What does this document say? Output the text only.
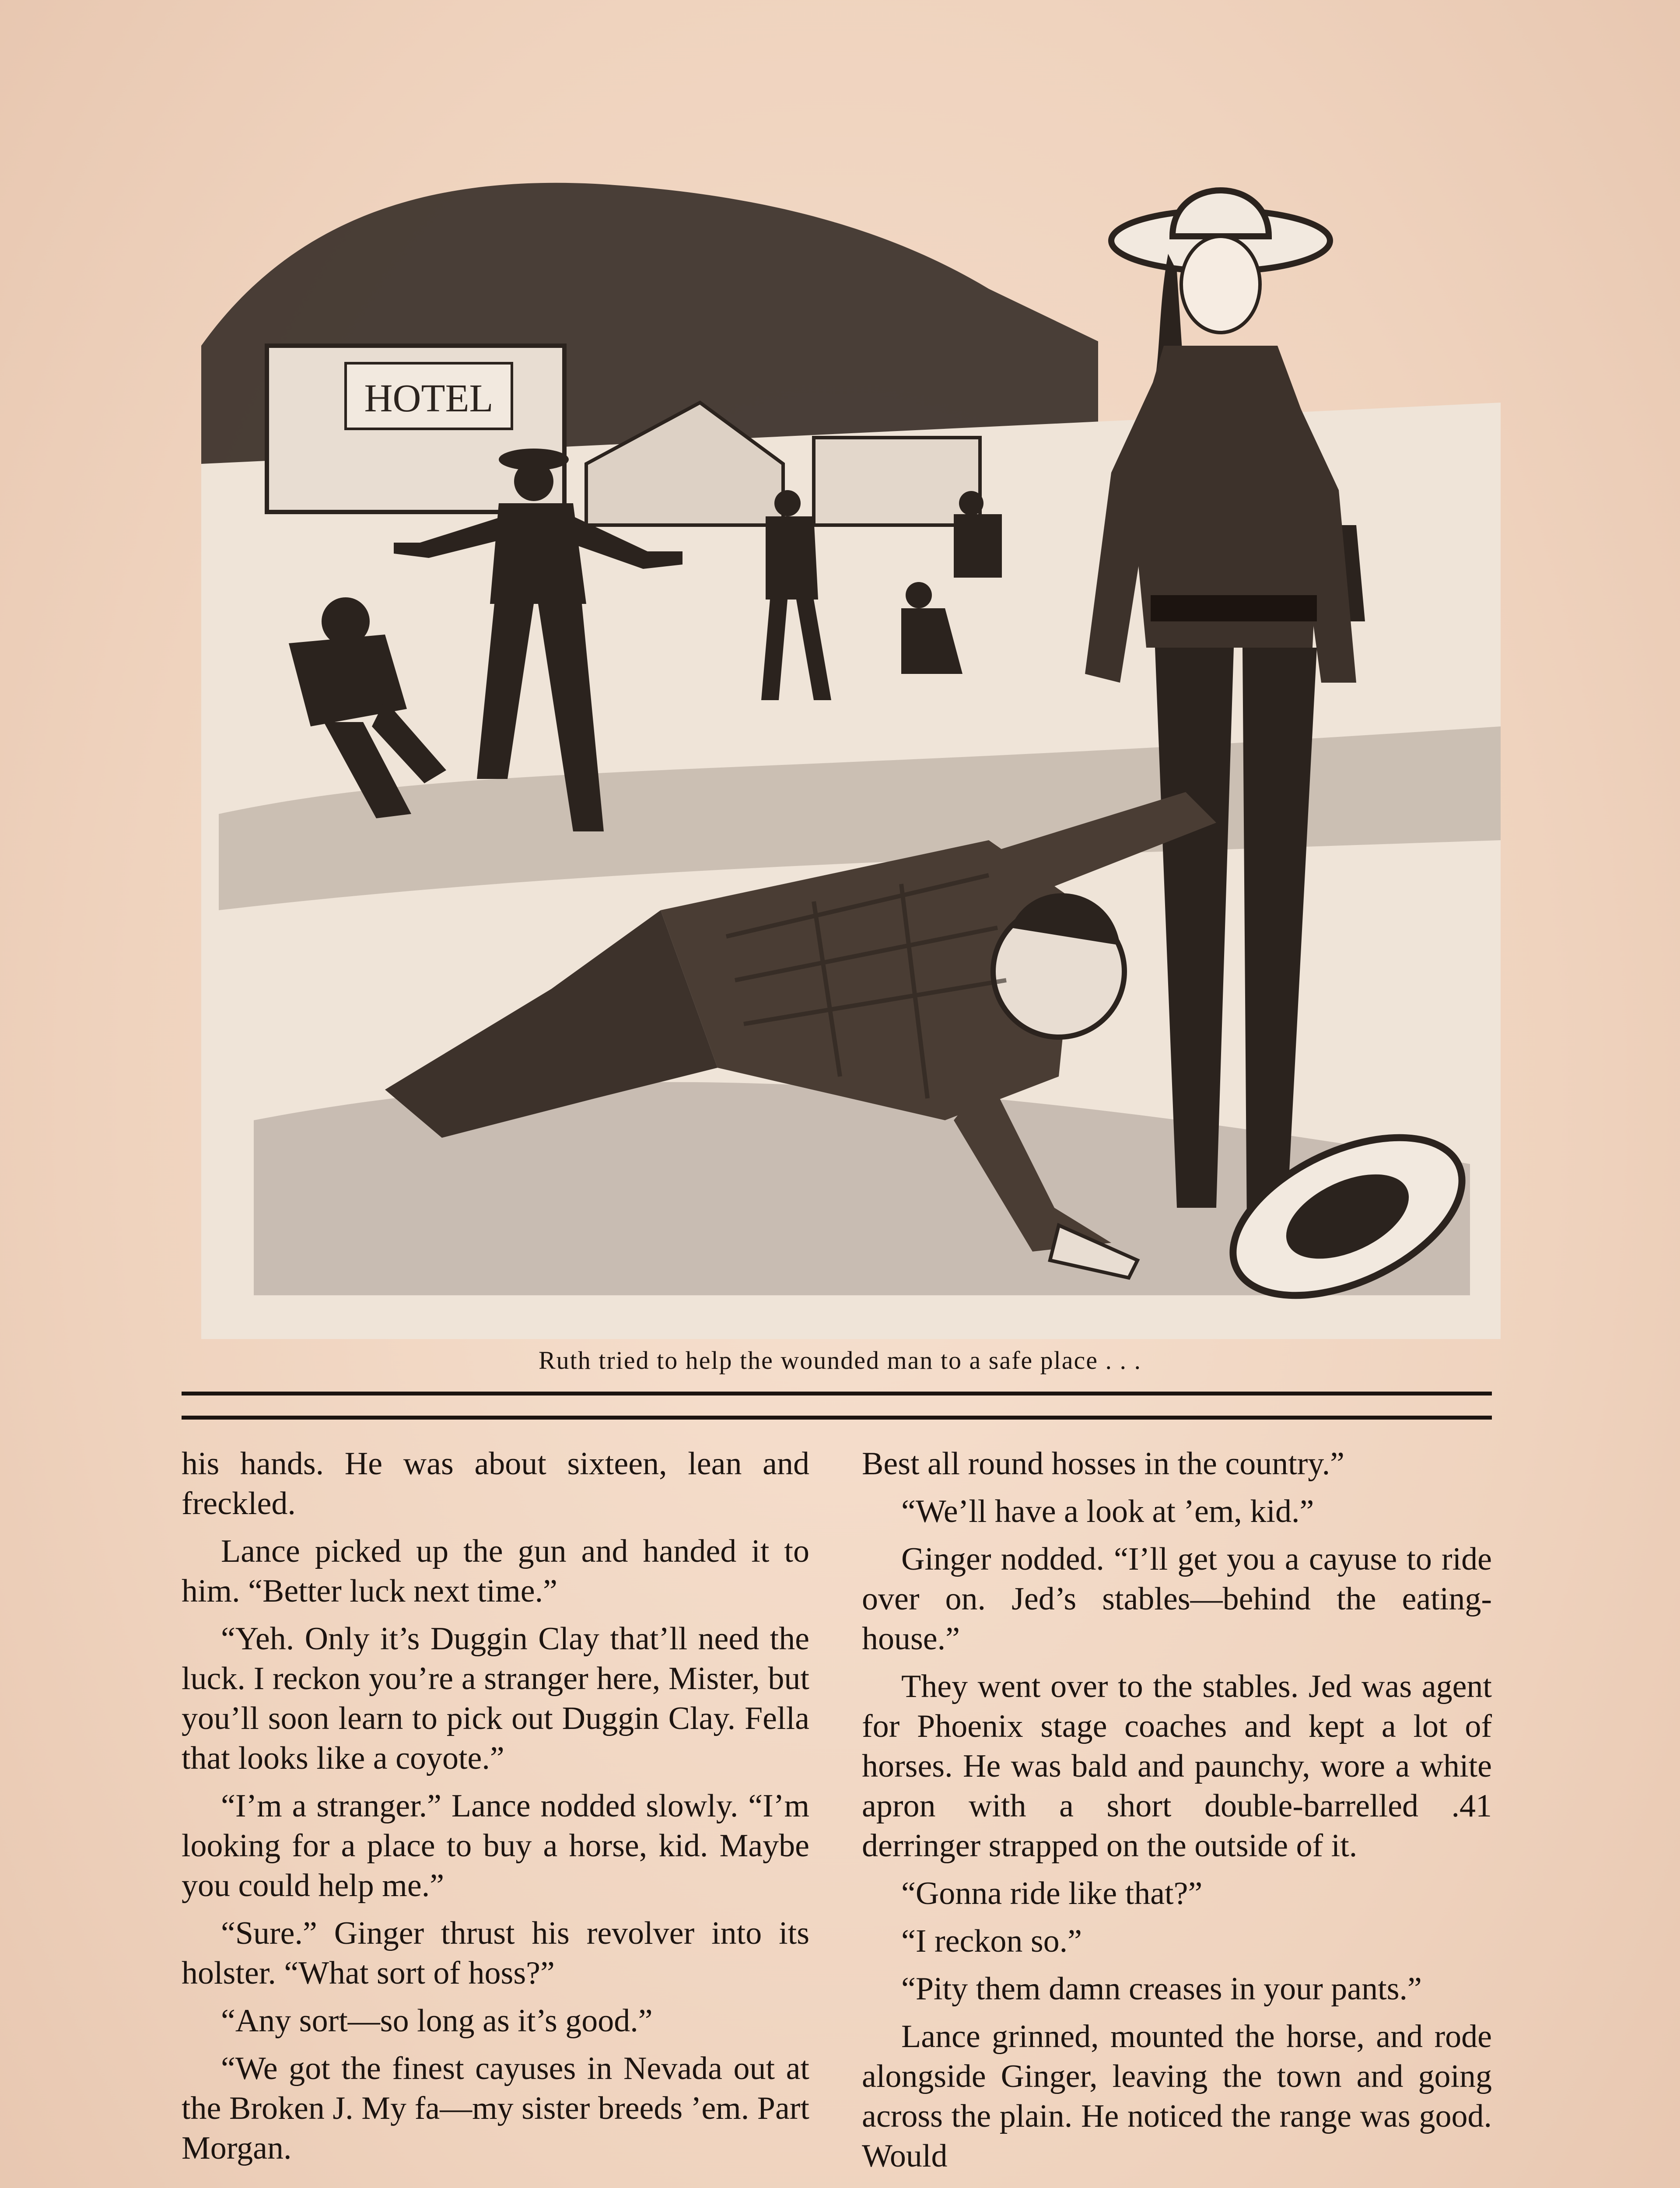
HOTEL
Ruth tried to help the wounded man to a safe place . . .

his hands. He was about sixteen, lean and freckled.

Lance picked up the gun and handed it to him. “Better luck next time.”

“Yeh. Only it’s Duggin Clay that’ll need the luck. I reckon you’re a stranger here, Mister, but you’ll soon learn to pick out Duggin Clay. Fella that looks like a coyote.”

“I’m a stranger.” Lance nodded slowly. “I’m looking for a place to buy a horse, kid. Maybe you could help me.”

“Sure.” Ginger thrust his revolver into its holster. “What sort of hoss?”

“Any sort—so long as it’s good.”

“We got the finest cayuses in Nevada out at the Broken J. My fa—my sister breeds ’em. Part Morgan.

Best all round hosses in the country.”

“We’ll have a look at ’em, kid.”

Ginger nodded. “I’ll get you a cayuse to ride over on. Jed’s stables—behind the eating-house.”

They went over to the stables. Jed was agent for Phoenix stage coaches and kept a lot of horses. He was bald and paunchy, wore a white apron with a short double-barrelled .41 derringer strapped on the outside of it.

“Gonna ride like that?”

“I reckon so.”

“Pity them damn creases in your pants.”

Lance grinned, mounted the horse, and rode alongside Ginger, leaving the town and going across the plain. He noticed the range was good. Would
